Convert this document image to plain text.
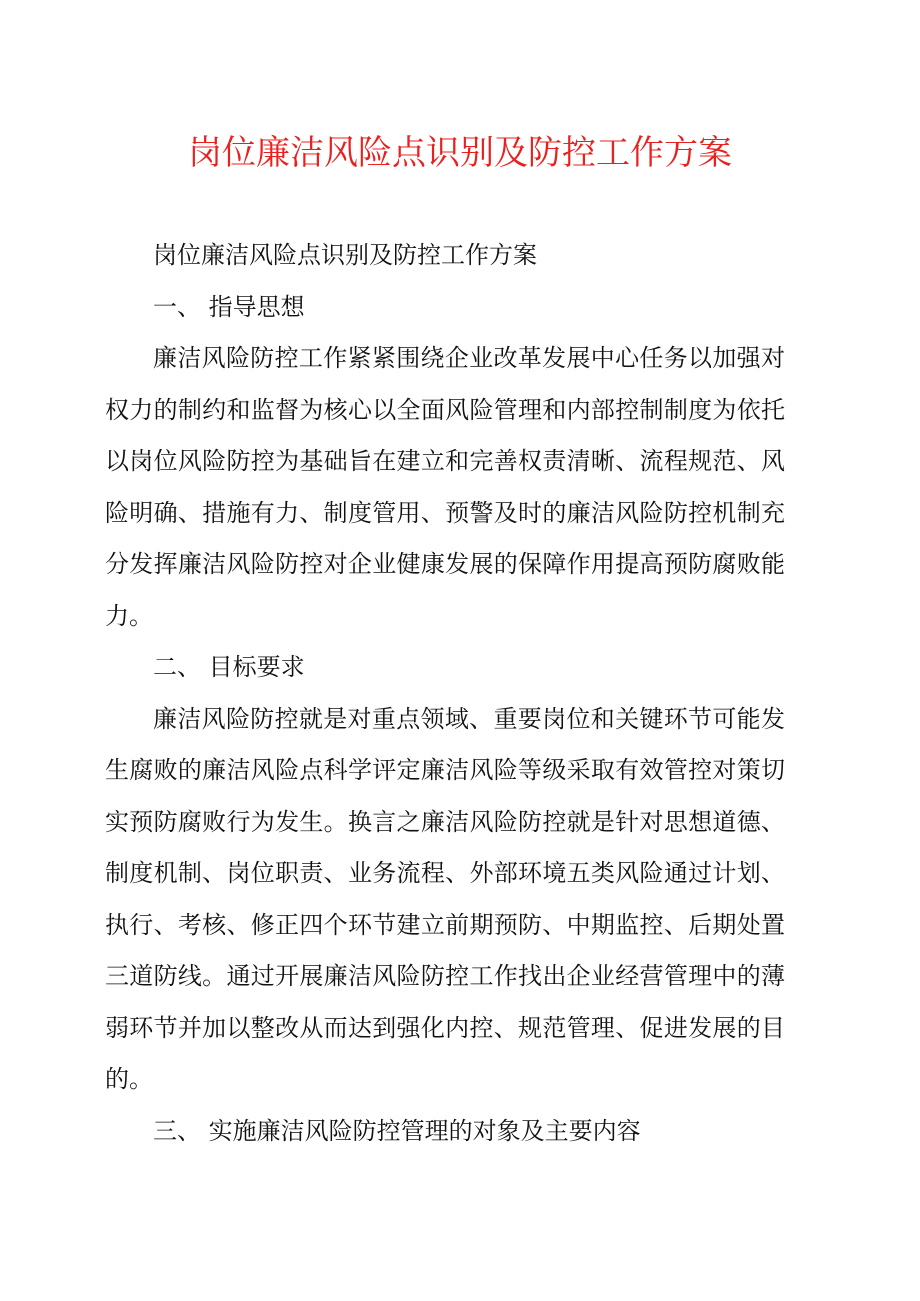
岗位廉洁风险点识别及防控工作方案

岗位廉洁风险点识别及防控工作方案

一、 指导思想

廉洁风险防控工作紧紧围绕企业改革发展中心任务以加强对权力的制约和监督为核心以全面风险管理和内部控制制度为依托以岗位风险防控为基础旨在建立和完善权责清晰、流程规范、风险明确、措施有力、制度管用、预警及时的廉洁风险防控机制充分发挥廉洁风险防控对企业健康发展的保障作用提高预防腐败能力。

二、 目标要求

廉洁风险防控就是对重点领域、重要岗位和关键环节可能发生腐败的廉洁风险点科学评定廉洁风险等级采取有效管控对策切实预防腐败行为发生。换言之廉洁风险防控就是针对思想道德、制度机制、岗位职责、业务流程、外部环境五类风险通过计划、执行、考核、修正四个环节建立前期预防、中期监控、后期处置三道防线。通过开展廉洁风险防控工作找出企业经营管理中的薄弱环节并加以整改从而达到强化内控、规范管理、促进发展的目的。

三、 实施廉洁风险防控管理的对象及主要内容
